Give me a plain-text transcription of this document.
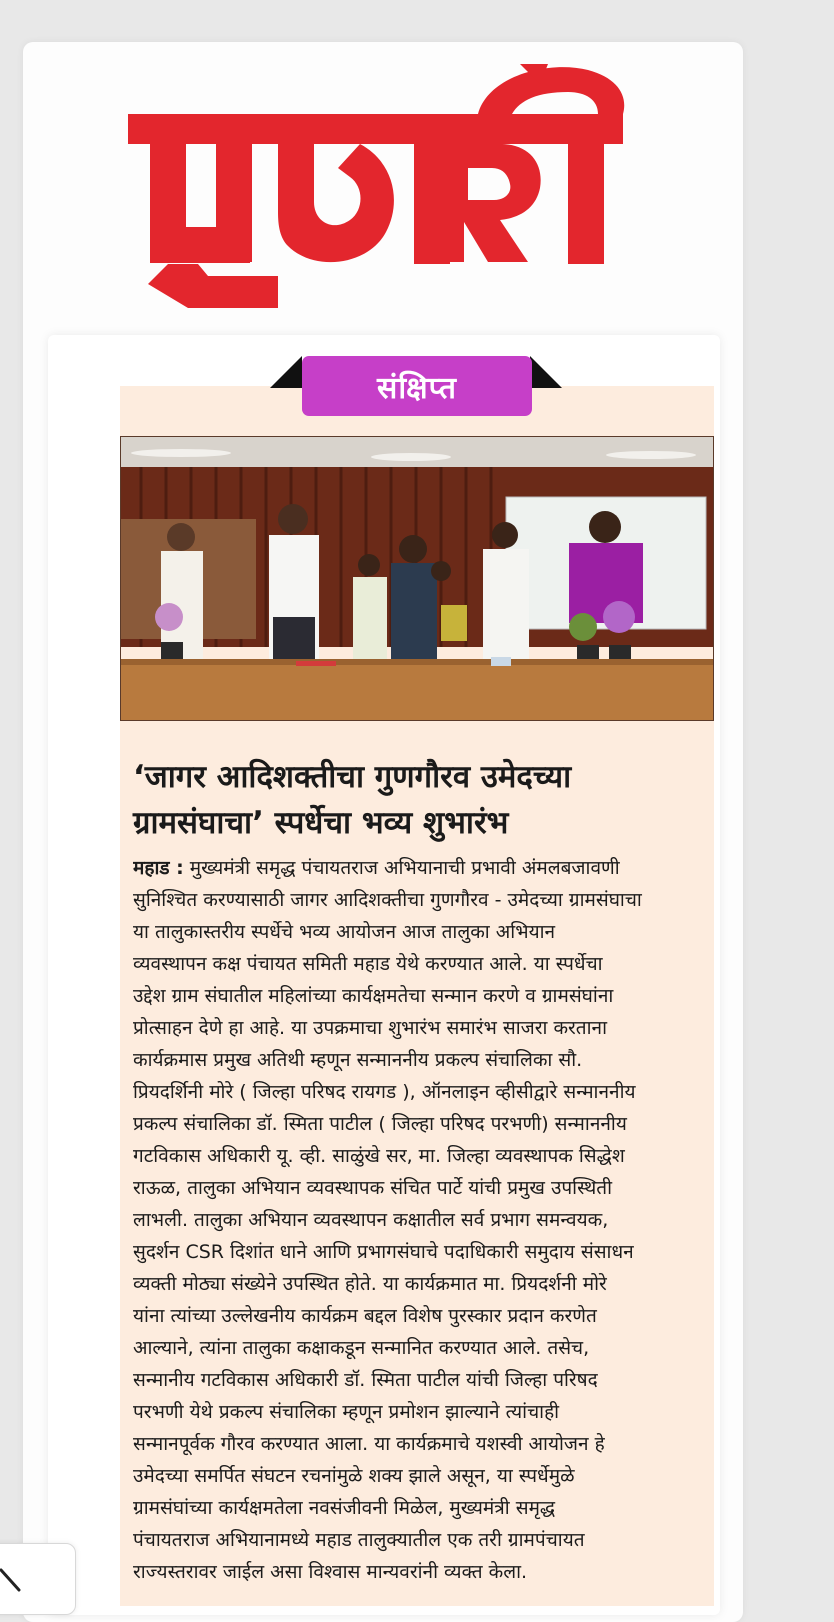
संक्षिप्त
‘जागर आदिशक्तीचा गुणगौरव उमेदच्या
ग्रामसंघाचा’ स्पर्धेचा भव्य शुभारंभ
महाड : मुख्यमंत्री समृद्ध पंचायतराज अभियानाची प्रभावी अंमलबजावणी
सुनिश्चित करण्यासाठी जागर आदिशक्तीचा गुणगौरव - उमेदच्या ग्रामसंघाचा
या तालुकास्तरीय स्पर्धेचे भव्य आयोजन आज तालुका अभियान
व्यवस्थापन कक्ष पंचायत समिती महाड येथे करण्यात आले. या स्पर्धेचा
उद्देश ग्राम संघातील महिलांच्या कार्यक्षमतेचा सन्मान करणे व ग्रामसंघांना
प्रोत्साहन देणे हा आहे. या उपक्रमाचा शुभारंभ समारंभ साजरा करताना
कार्यक्रमास प्रमुख अतिथी म्हणून सन्माननीय प्रकल्प संचालिका सौ.
प्रियदर्शिनी मोरे ( जिल्हा परिषद रायगड ), ऑनलाइन व्हीसीद्वारे सन्माननीय
प्रकल्प संचालिका डॉ. स्मिता पाटील ( जिल्हा परिषद परभणी) सन्माननीय
गटविकास अधिकारी यू. व्ही. साळुंखे सर, मा. जिल्हा व्यवस्थापक सिद्धेश
राऊळ, तालुका अभियान व्यवस्थापक संचित पार्टे यांची प्रमुख उपस्थिती
लाभली. तालुका अभियान व्यवस्थापन कक्षातील सर्व प्रभाग समन्वयक,
सुदर्शन CSR दिशांत धाने आणि प्रभागसंघाचे पदाधिकारी समुदाय संसाधन
व्यक्ती मोठ्या संख्येने उपस्थित होते. या कार्यक्रमात मा. प्रियदर्शनी मोरे
यांना त्यांच्या उल्लेखनीय कार्यक्रम बद्दल विशेष पुरस्कार प्रदान करणेत
आल्याने, त्यांना तालुका कक्षाकडून सन्मानित करण्यात आले. तसेच,
सन्मानीय गटविकास अधिकारी डॉ. स्मिता पाटील यांची जिल्हा परिषद
परभणी येथे प्रकल्प संचालिका म्हणून प्रमोशन झाल्याने त्यांचाही
सन्मानपूर्वक गौरव करण्यात आला. या कार्यक्रमाचे यशस्वी आयोजन हे
उमेदच्या समर्पित संघटन रचनांमुळे शक्य झाले असून, या स्पर्धेमुळे
ग्रामसंघांच्या कार्यक्षमतेला नवसंजीवनी मिळेल, मुख्यमंत्री समृद्ध
पंचायतराज अभियानामध्ये महाड तालुक्यातील एक तरी ग्रामपंचायत
राज्यस्तरावर जाईल असा विश्वास मान्यवरांनी व्यक्त केला.
